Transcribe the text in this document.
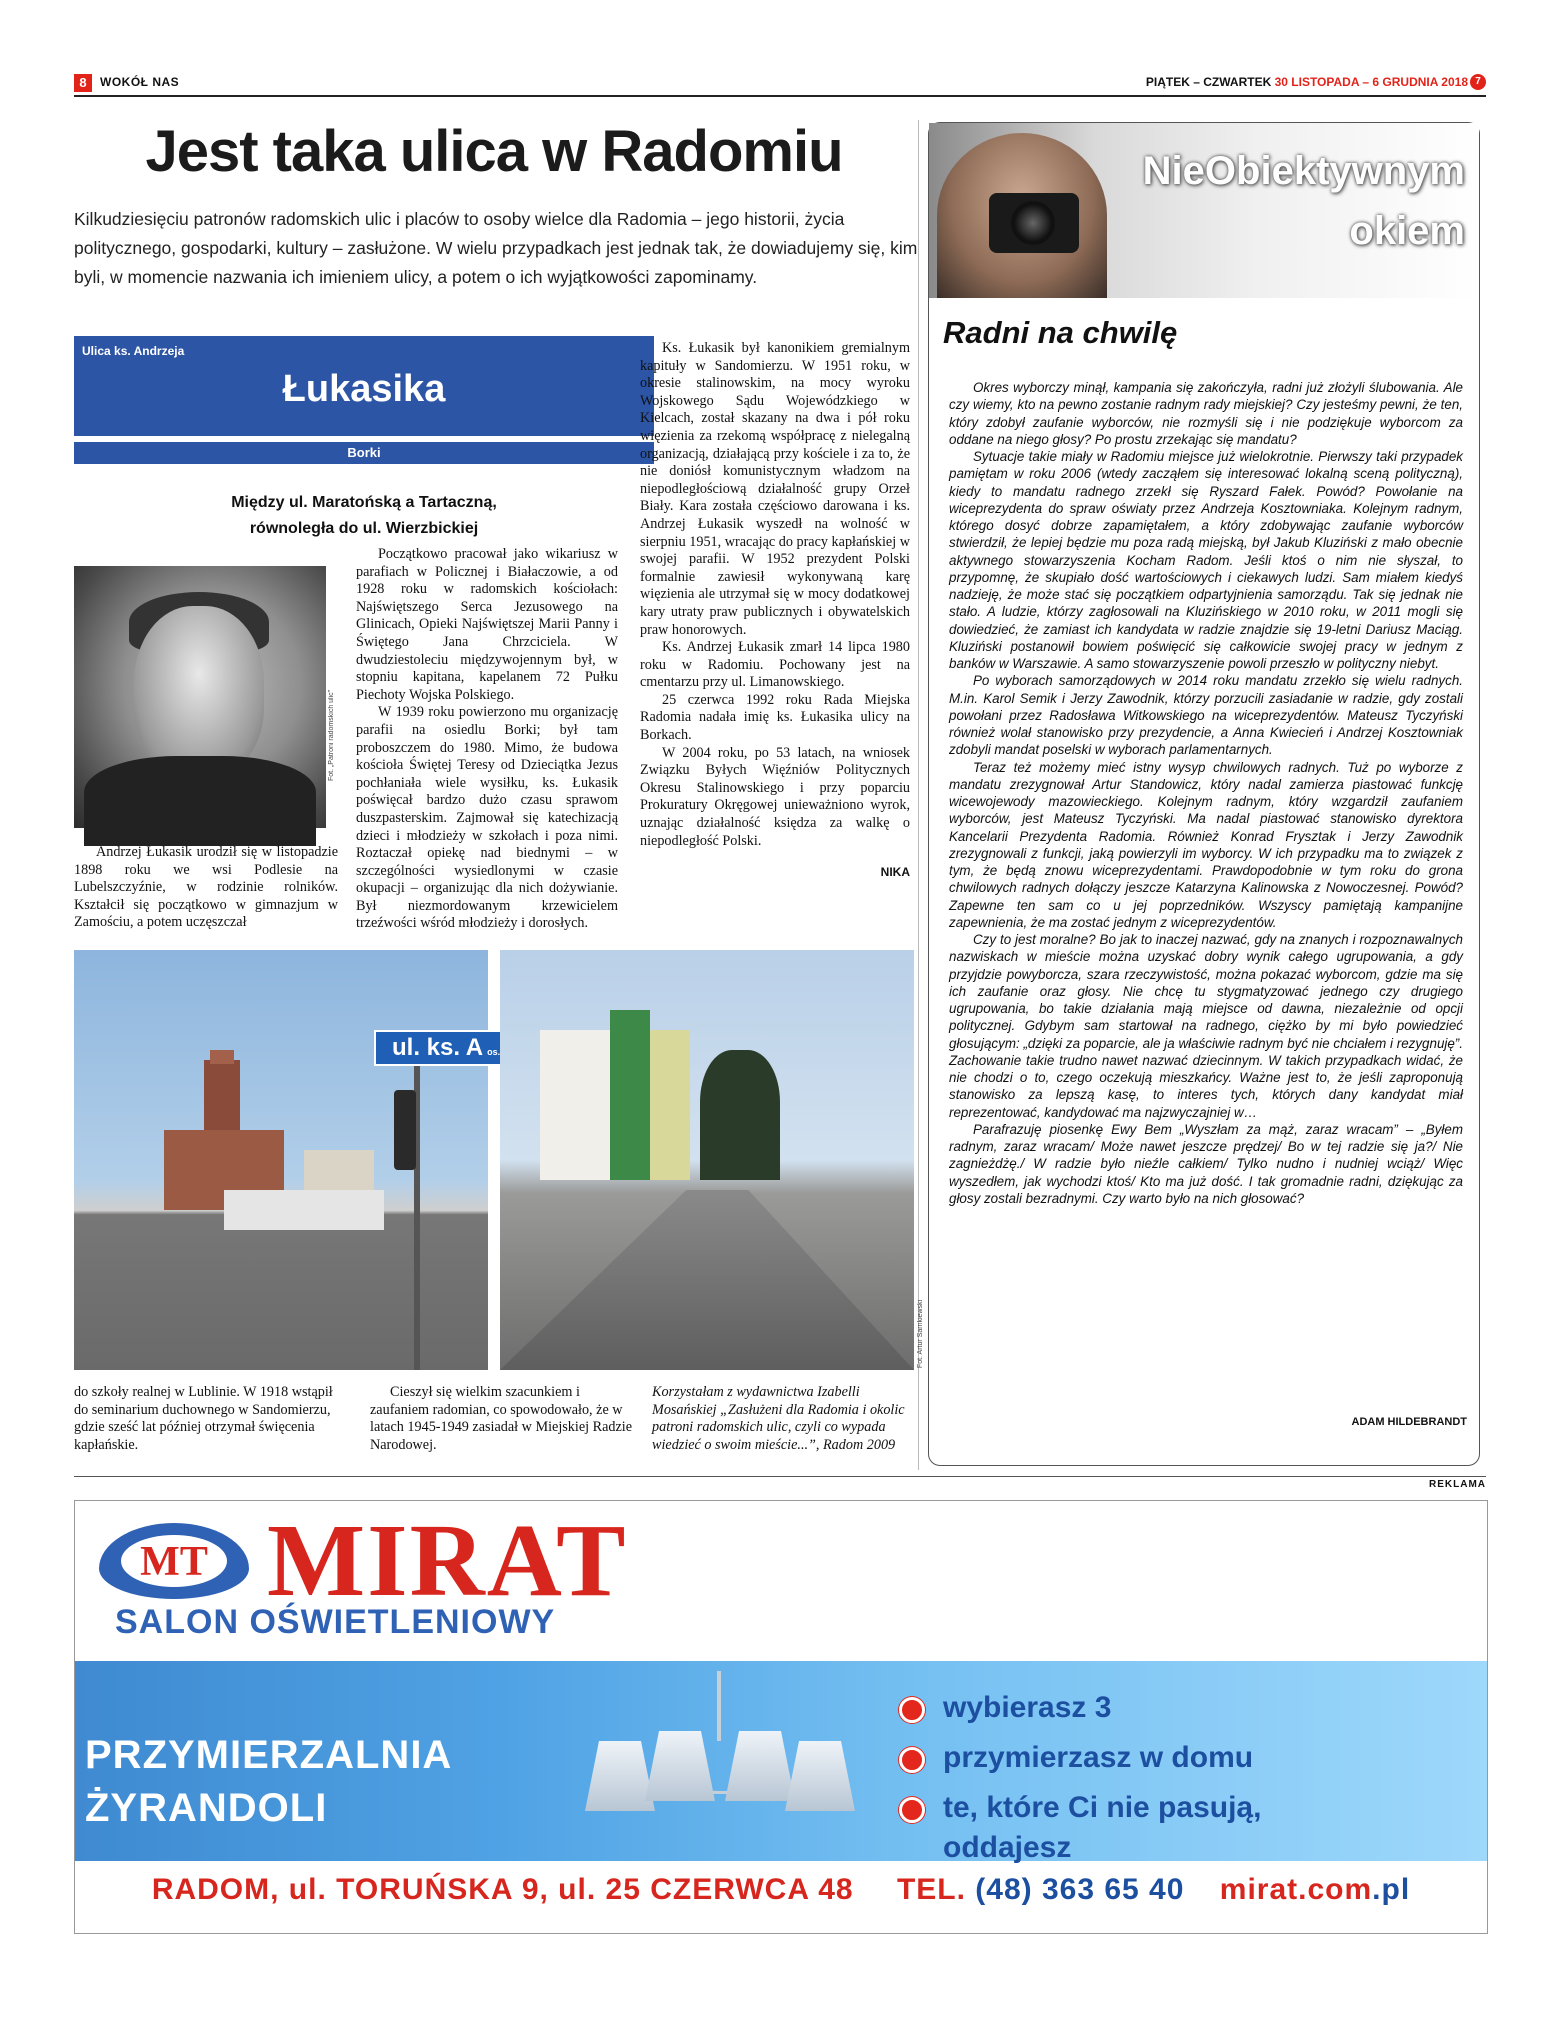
8	WOKÓŁ NAS	PIĄTEK – CZWARTEK 30 LISTOPADA – 6 GRUDNIA 2018 7
Jest taka ulica w Radomiu
Kilkudziesięciu patronów radomskich ulic i placów to osoby wielce dla Radomia – jego historii, życia politycznego, gospodarki, kultury – zasłużone. W wielu przypadkach jest jednak tak, że dowiadujemy się, kim byli, w momencie nazwania ich imieniem ulicy, a potem o ich wyjątkowości zapominamy.
Ulica ks. Andrzeja
Łukasika
Borki
Między ul. Maratońską a Tartaczną,
równoległa do ul. Wierzbickiej
Fot. „Patroni radomskich ulic”

Andrzej Łukasik urodził się w listopadzie 1898 roku we wsi Podlesie na Lubelszczyźnie, w rodzinie rolników. Kształcił się początkowo w gimnazjum w Zamościu, a potem uczęszczał

Początkowo pracował jako wikariusz w parafiach w Policznej i Białaczowie, a od 1928 roku w radomskich kościołach: Najświętszego Serca Jezusowego na Glinicach, Opieki Najświętszej Marii Panny i Świętego Jana Chrzciciela. W dwudziestoleciu międzywojennym był, w stopniu kapitana, kapelanem 72 Pułku Piechoty Wojska Polskiego.

W 1939 roku powierzono mu organizację parafii na osiedlu Borki; był tam proboszczem do 1980. Mimo, że budowa kościoła Świętej Teresy od Dzieciątka Jezus pochłaniała wiele wysiłku, ks. Łukasik poświęcał bardzo dużo czasu sprawom duszpasterskim. Zajmował się katechizacją dzieci i młodzieży w szkołach i poza nimi. Roztaczał opiekę nad biednymi – w szczególności wysiedlonymi w czasie okupacji – organizując dla nich dożywianie. Był niezmordowanym krzewicielem trzeźwości wśród młodzieży i dorosłych.

Ks. Łukasik był kanonikiem gremialnym kapituły w Sandomierzu. W 1951 roku, w okresie stalinowskim, na mocy wyroku Wojskowego Sądu Wojewódzkiego w Kielcach, został skazany na dwa i pół roku więzienia za rzekomą współpracę z nielegalną organizacją, działającą przy kościele i za to, że nie doniósł komunistycznym władzom na niepodległościową działalność grupy Orzeł Biały. Kara została częściowo darowana i ks. Andrzej Łukasik wyszedł na wolność w sierpniu 1951, wracając do pracy kapłańskiej w swojej parafii. W 1952 prezydent Polski formalnie zawiesił wykonywaną karę więzienia ale utrzymał się w mocy dodatkowej kary utraty praw publicznych i obywatelskich praw honorowych.

Ks. Andrzej Łukasik zmarł 14 lipca 1980 roku w Radomiu. Pochowany jest na cmentarzu przy ul. Limanowskiego.

25 czerwca 1992 roku Rada Miejska Radomia nadała imię ks. Łukasika ulicy na Borkach.

W 2004 roku, po 53 latach, na wniosek Związku Byłych Więźniów Politycznych Okresu Stalinowskiego i przy poparciu Prokuratury Okręgowej unieważniono wyrok, uznając działalność księdza za walkę o niepodległość Polski.

NIKA
ul. ks. A os.
Fot. Artur Sarnkiewski
do szkoły realnej w Lublinie. W 1918 wstąpił do seminarium duchownego w Sandomierzu, gdzie sześć lat później otrzymał święcenia kapłańskie.
Cieszył się wielkim szacunkiem i zaufaniem radomian, co spowodowało, że w latach 1945-1949 zasiadał w Miejskiej Radzie Narodowej.
Korzystałam z wydawnictwa Izabelli Mosańskiej „Zasłużeni dla Radomia i okolic patroni radomskich ulic, czyli co wypada wiedzieć o swoim mieście...”, Radom 2009
NieObiektywnym
okiem
Radni na chwilę

Okres wyborczy minął, kampania się zakończyła, radni już złożyli ślubowania. Ale czy wiemy, kto na pewno zostanie radnym rady miejskiej? Czy jesteśmy pewni, że ten, który zdobył zaufanie wyborców, nie rozmyśli się i nie podziękuje wyborcom za oddane na niego głosy? Po prostu zrzekając się mandatu?

Sytuacje takie miały w Radomiu miejsce już wielokrotnie. Pierwszy taki przypadek pamiętam w roku 2006 (wtedy zacząłem się interesować lokalną sceną polityczną), kiedy to mandatu radnego zrzekł się Ryszard Fałek. Powód? Powołanie na wiceprezydenta do spraw oświaty przez Andrzeja Kosztowniaka. Kolejnym radnym, którego dosyć dobrze zapamiętałem, a który zdobywając zaufanie wyborców stwierdził, że lepiej będzie mu poza radą miejską, był Jakub Kluziński z mało obecnie aktywnego stowarzyszenia Kocham Radom. Jeśli ktoś o nim nie słyszał, to przypomnę, że skupiało dość wartościowych i ciekawych ludzi. Sam miałem kiedyś nadzieję, że może stać się początkiem odpartyjnienia samorządu. Tak się jednak nie stało. A ludzie, którzy zagłosowali na Kluzińskiego w 2010 roku, w 2011 mogli się dowiedzieć, że zamiast ich kandydata w radzie znajdzie się 19-letni Dariusz Maciąg. Kluziński postanowił bowiem poświęcić się całkowicie swojej pracy w jednym z banków w Warszawie. A samo stowarzyszenie powoli przeszło w polityczny niebyt.

Po wyborach samorządowych w 2014 roku mandatu zrzekło się wielu radnych. M.in. Karol Semik i Jerzy Zawodnik, którzy porzucili zasiadanie w radzie, gdy zostali powołani przez Radosława Witkowskiego na wiceprezydentów. Mateusz Tyczyński również wolał stanowisko przy prezydencie, a Anna Kwiecień i Andrzej Kosztowniak zdobyli mandat poselski w wyborach parlamentarnych.

Teraz też możemy mieć istny wysyp chwilowych radnych. Tuż po wyborze z mandatu zrezygnował Artur Standowicz, który nadal zamierza piastować funkcję wicewojewody mazowieckiego. Kolejnym radnym, który wzgardził zaufaniem wyborców, jest Mateusz Tyczyński. Ma nadal piastować stanowisko dyrektora Kancelarii Prezydenta Radomia. Również Konrad Frysztak i Jerzy Zawodnik zrezygnowali z funkcji, jaką powierzyli im wyborcy. W ich przypadku ma to związek z tym, że będą znowu wiceprezydentami. Prawdopodobnie w tym roku do grona chwilowych radnych dołączy jeszcze Katarzyna Kalinowska z Nowoczesnej. Powód? Zapewne ten sam co u jej poprzedników. Wszyscy pamiętają kampanijne zapewnienia, że ma zostać jednym z wiceprezydentów.

Czy to jest moralne? Bo jak to inaczej nazwać, gdy na znanych i rozpoznawalnych nazwiskach w mieście można uzyskać dobry wynik całego ugrupowania, a gdy przyjdzie powyborcza, szara rzeczywistość, można pokazać wyborcom, gdzie ma się ich zaufanie oraz głosy. Nie chcę tu stygmatyzować jednego czy drugiego ugrupowania, bo takie działania mają miejsce od dawna, niezależnie od opcji politycznej. Gdybym sam startował na radnego, ciężko by mi było powiedzieć głosującym: „dzięki za poparcie, ale ja właściwie radnym być nie chciałem i rezygnuję”. Zachowanie takie trudno nawet nazwać dziecinnym. W takich przypadkach widać, że nie chodzi o to, czego oczekują mieszkańcy. Ważne jest to, że jeśli zaproponują stanowisko za lepszą kasę, to interes tych, których dany kandydat miał reprezentować, kandydować ma najzwyczajniej w…

Parafrazuję piosenkę Ewy Bem „Wyszłam za mąż, zaraz wracam” – „Byłem radnym, zaraz wracam/ Może nawet jeszcze prędzej/ Bo w tej radzie się ja?/ Nie zagnieżdżę./ W radzie było nieźle całkiem/ Tylko nudno i nudniej wciąż/ Więc wyszedłem, jak wychodzi ktoś/ Kto ma już dość. I tak gromadnie radni, dziękując za głosy zostali bezradnymi. Czy warto było na nich głosować?

ADAM HILDEBRANDT
REKLAMA
MT MIRAT
SALON OŚWIETLENIOWY
PRZYMIERZALNIA
ŻYRANDOLI
wybierasz 3
przymierzasz w domu
te, które Ci nie pasują,
oddajesz
RADOM, ul. TORUŃSKA 9, ul. 25 CZERWCA 48 TEL. (48) 363 65 40 mirat.com.pl
